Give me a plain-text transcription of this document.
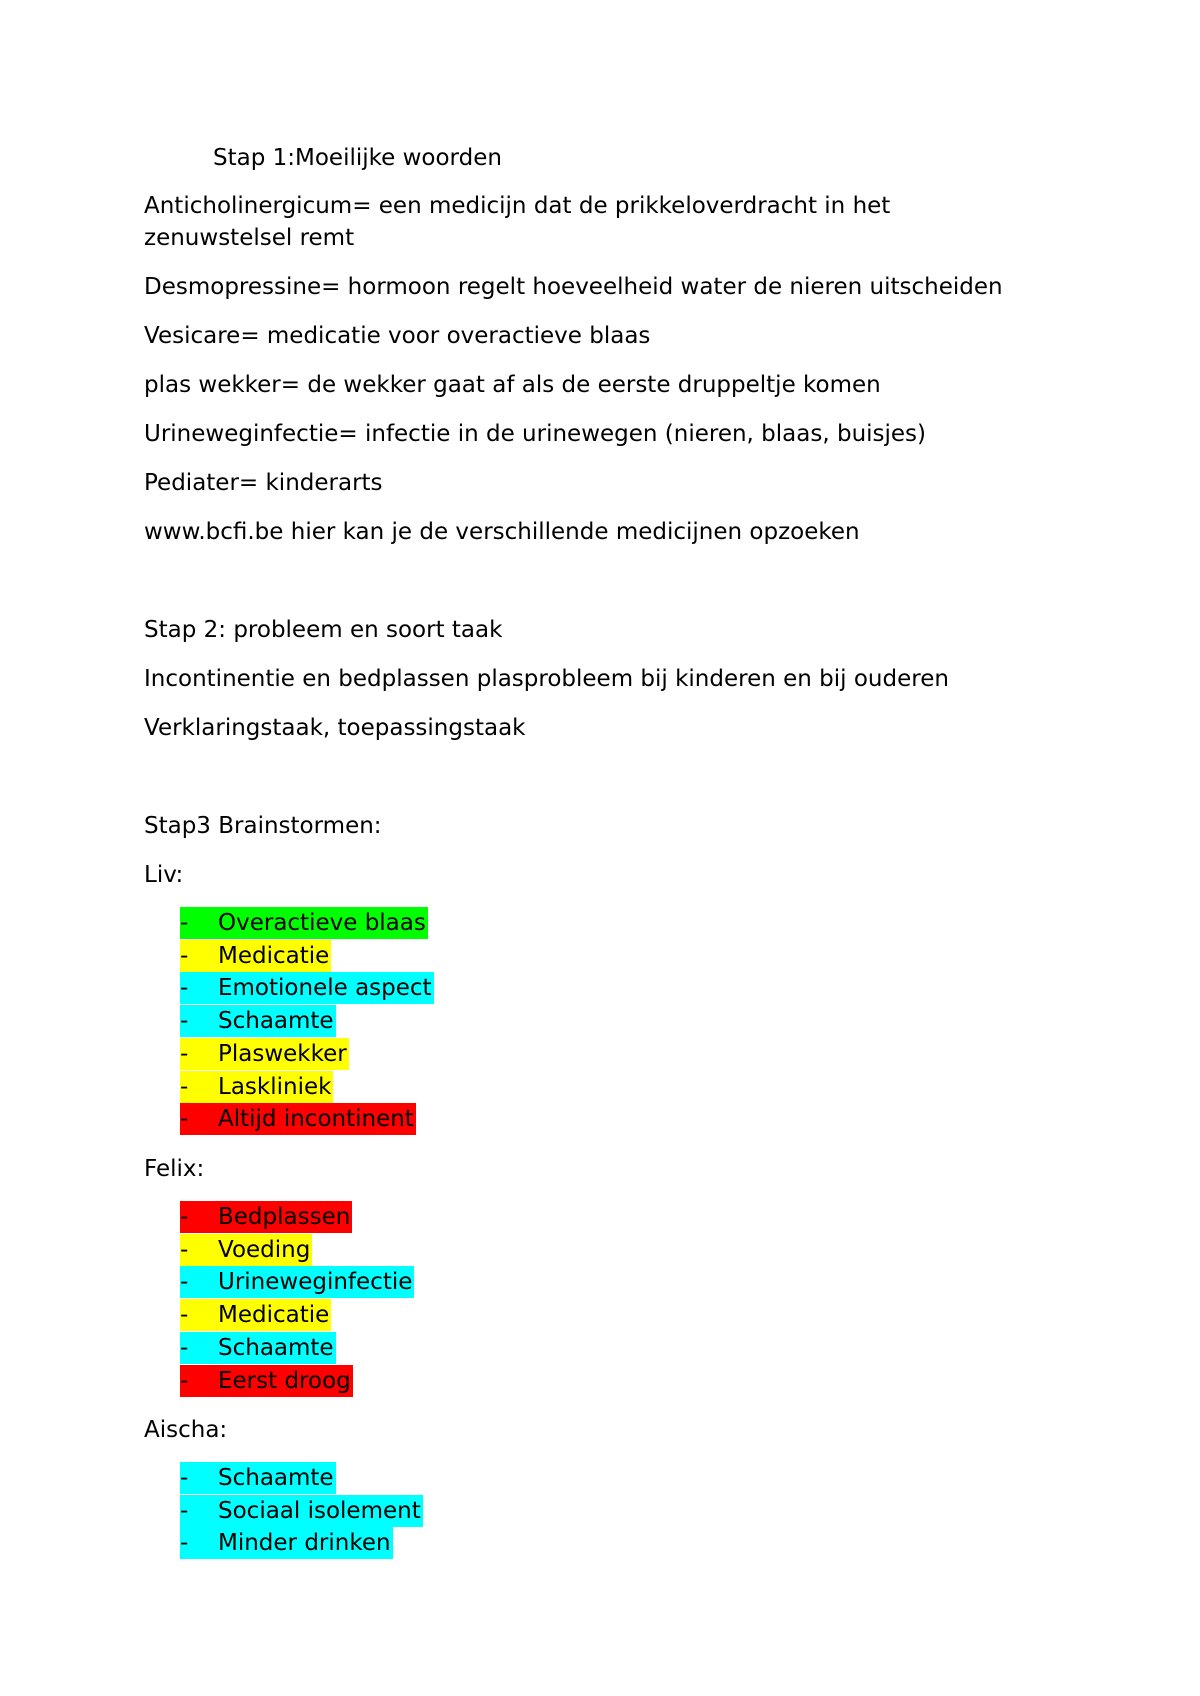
Stap 1:Moeilijke woorden
Anticholinergicum= een medicijn dat de prikkeloverdracht in het
zenuwstelsel remt
Desmopressine= hormoon regelt hoeveelheid water de nieren uitscheiden
Vesicare= medicatie voor overactieve blaas
plas wekker= de wekker gaat af als de eerste druppeltje komen
Urineweginfectie= infectie in de urinewegen (nieren, blaas, buisjes)
Pediater= kinderarts
www.bcfi.be hier kan je de verschillende medicijnen opzoeken
Stap 2: probleem en soort taak
Incontinentie en bedplassen plasprobleem bij kinderen en bij ouderen
Verklaringstaak, toepassingstaak
Stap3 Brainstormen:
Liv:
- Overactieve blaas
- Medicatie
- Emotionele aspect
- Schaamte
- Plaswekker
- Laskliniek
- Altijd incontinent
Felix:
- Bedplassen
- Voeding
- Urineweginfectie
- Medicatie
- Schaamte
- Eerst droog
Aischa:
- Schaamte
- Sociaal isolement
- Minder drinken
